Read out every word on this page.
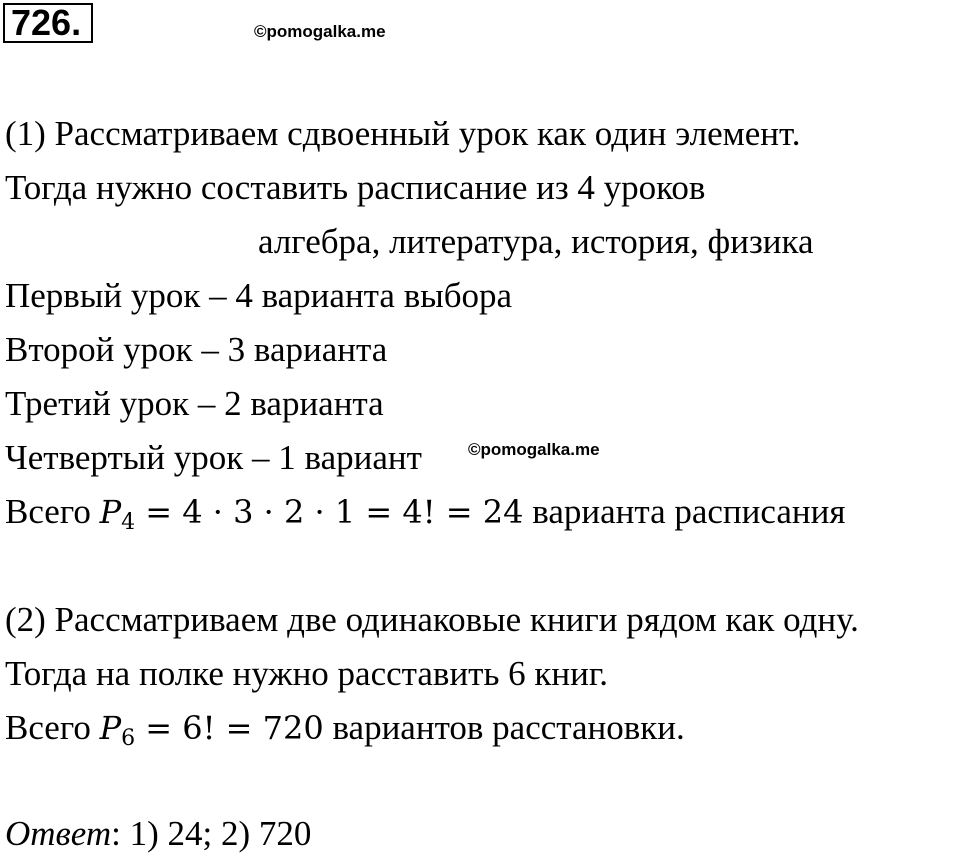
726.	©pomogalka.me
(1) Рассматриваем сдвоенный урок как один элемент.
Тогда нужно составить расписание из 4 уроков
алгебра, литература, история, физика
Первый урок – 4 варианта выбора
Второй урок – 3 варианта
Третий урок – 2 варианта
Четвертый урок – 1 вариант	©pomogalka.me
Всего $P_4 = 4 \cdot 3 \cdot 2 \cdot 1 = 4$! = 24 варианта расписания
(2) Рассматриваем две одинаковые книги рядом как одну.
Тогда на полке нужно расставить 6 книг.
Всего $P_6 = 6$! = 720 вариантов расстановки.
Ответ: 1) 24; 2) 720
